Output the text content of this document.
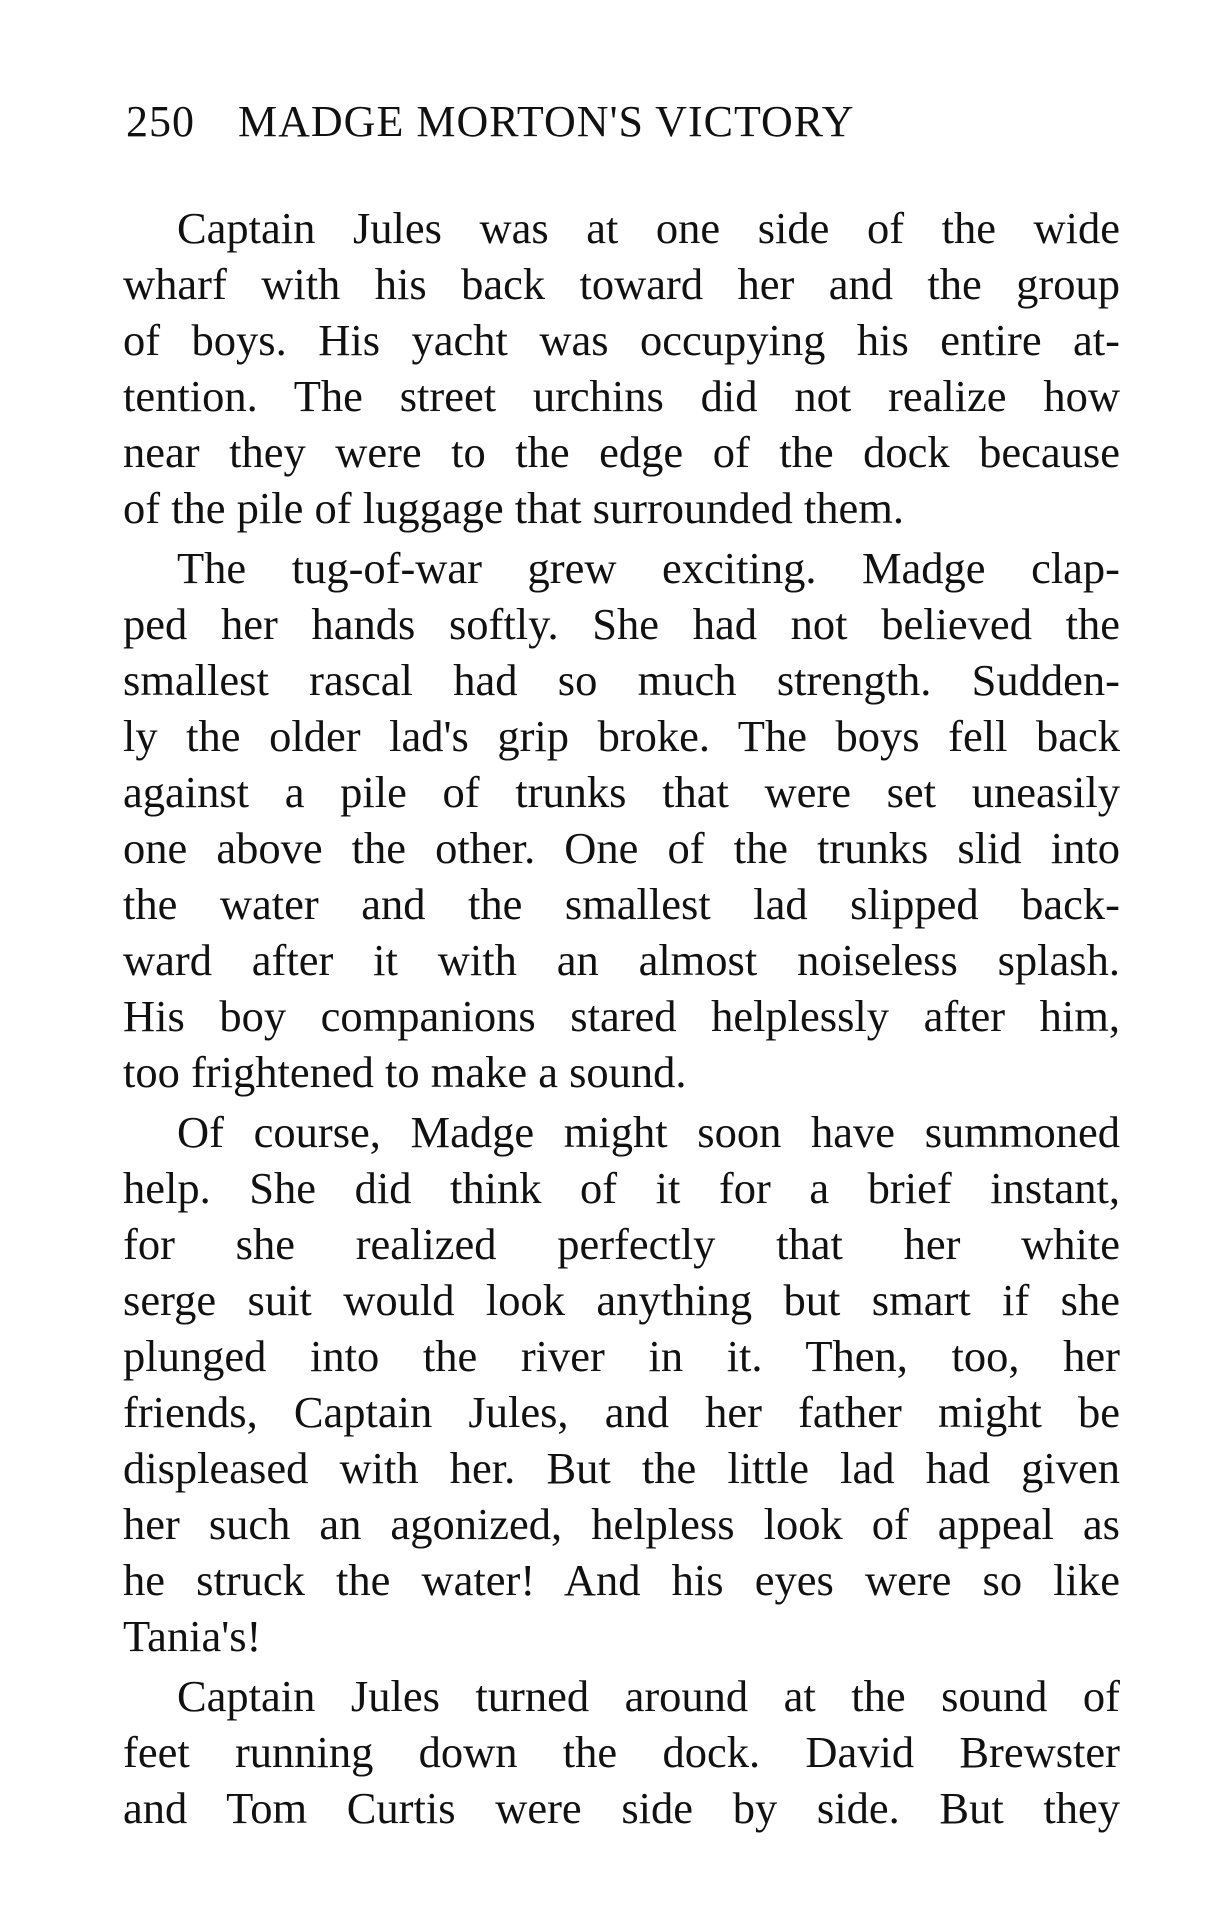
250 MADGE MORTON'S VICTORY
Captain Jules was at one side of the wide
wharf with his back toward her and the group
of boys. His yacht was occupying his entire at-
tention. The street urchins did not realize how
near they were to the edge of the dock because
of the pile of luggage that surrounded them.
The tug-of-war grew exciting. Madge clap-
ped her hands softly. She had not believed the
smallest rascal had so much strength. Sudden-
ly the older lad's grip broke. The boys fell back
against a pile of trunks that were set uneasily
one above the other. One of the trunks slid into
the water and the smallest lad slipped back-
ward after it with an almost noiseless splash.
His boy companions stared helplessly after him,
too frightened to make a sound.
Of course, Madge might soon have summoned
help. She did think of it for a brief instant,
for she realized perfectly that her white
serge suit would look anything but smart if she
plunged into the river in it. Then, too, her
friends, Captain Jules, and her father might be
displeased with her. But the little lad had given
her such an agonized, helpless look of appeal as
he struck the water! And his eyes were so like
Tania's!
Captain Jules turned around at the sound of
feet running down the dock. David Brewster
and Tom Curtis were side by side. But they
